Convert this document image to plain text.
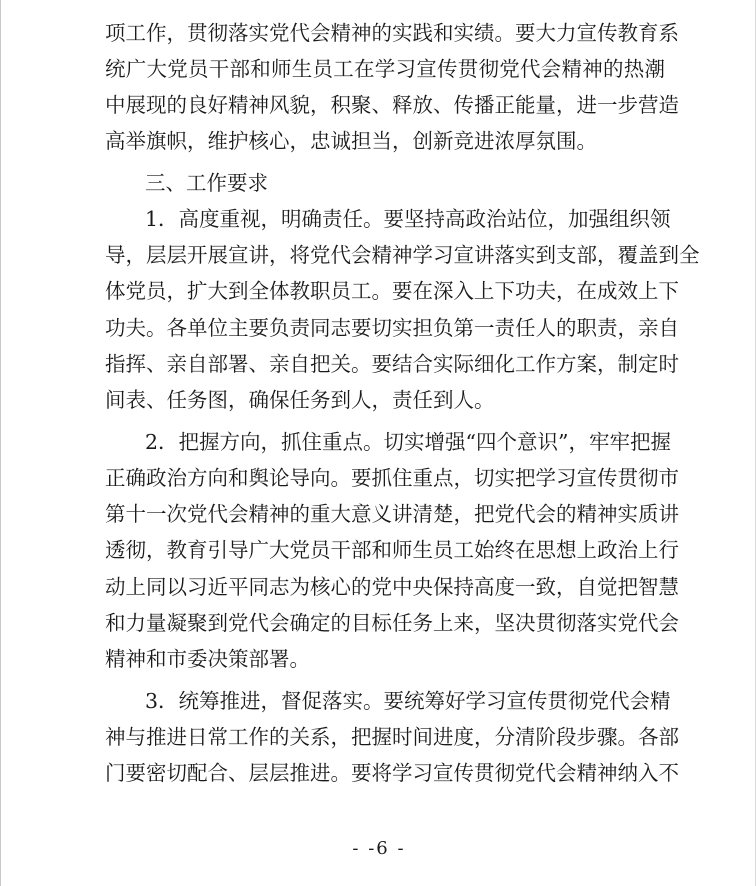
项工作，贯彻落实党代会精神的实践和实绩。要大力宣传教育系
统广大党员干部和师生员工在学习宣传贯彻党代会精神的热潮
中展现的良好精神风貌，积聚、释放、传播正能量，进一步营造
高举旗帜，维护核心，忠诚担当，创新竞进浓厚氛围。
三、工作要求
1．高度重视，明确责任。要坚持高政治站位，加强组织领
导，层层开展宣讲，将党代会精神学习宣讲落实到支部，覆盖到全
体党员，扩大到全体教职员工。要在深入上下功夫，在成效上下
功夫。各单位主要负责同志要切实担负第一责任人的职责，亲自
指挥、亲自部署、亲自把关。要结合实际细化工作方案，制定时
间表、任务图，确保任务到人，责任到人。
2．把握方向，抓住重点。切实增强“四个意识”，牢牢把握
正确政治方向和舆论导向。要抓住重点，切实把学习宣传贯彻市
第十一次党代会精神的重大意义讲清楚，把党代会的精神实质讲
透彻，教育引导广大党员干部和师生员工始终在思想上政治上行
动上同以习近平同志为核心的党中央保持高度一致，自觉把智慧
和力量凝聚到党代会确定的目标任务上来，坚决贯彻落实党代会
精神和市委决策部署。
3．统筹推进，督促落实。要统筹好学习宣传贯彻党代会精
神与推进日常工作的关系，把握时间进度，分清阶段步骤。各部
门要密切配合、层层推进。要将学习宣传贯彻党代会精神纳入不
- -6 -
